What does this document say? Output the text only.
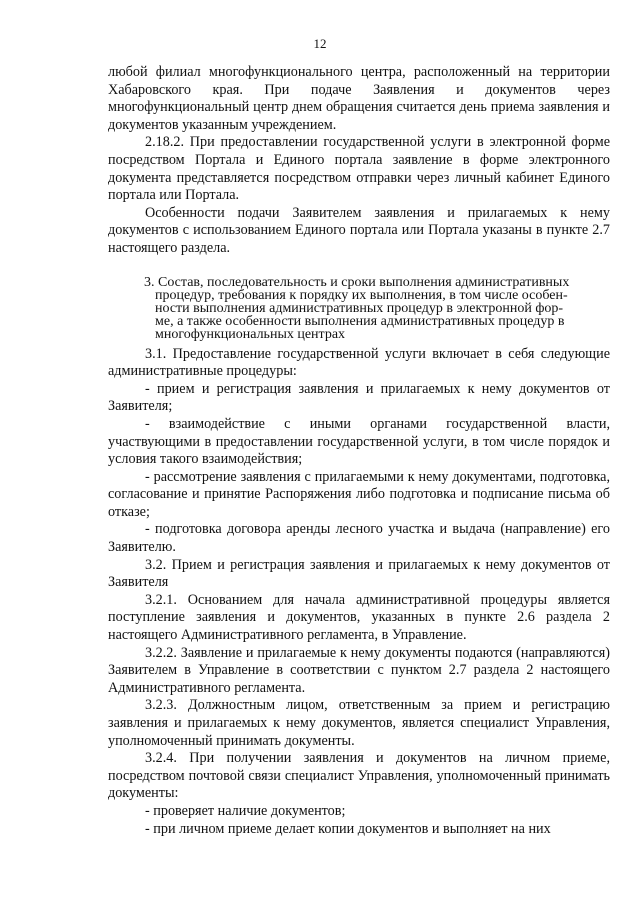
12

любой филиал многофункционального центра, расположенный на территории Хабаровского края. При подаче Заявления и документов через многофункциональный центр днем обращения считается день приема заявления и документов указанным учреждением.

2.18.2. При предоставлении государственной услуги в электронной форме посредством Портала и Единого портала заявление в форме электронного документа представляется посредством отправки через личный кабинет Единого портала или Портала.

Особенности подачи Заявителем заявления и прилагаемых к нему документов с использованием Единого портала или Портала указаны в пункте 2.7 настоящего раздела.

3. Состав, последовательность и сроки выполнения административных
процедур, требования к порядку их выполнения, в том числе особен-
ности выполнения административных процедур в электронной фор-
ме, а также особенности выполнения административных процедур в
многофункциональных центрах

3.1. Предоставление государственной услуги включает в себя следующие административные процедуры:

- прием и регистрация заявления и прилагаемых к нему документов от Заявителя;

- взаимодействие с иными органами государственной власти, участвующими в предоставлении государственной услуги, в том числе порядок и условия такого взаимодействия;

- рассмотрение заявления с прилагаемыми к нему документами, подготовка, согласование и принятие Распоряжения либо подготовка и подписание письма об отказе;

- подготовка договора аренды лесного участка и выдача (направление) его Заявителю.

3.2. Прием и регистрация заявления и прилагаемых к нему документов от Заявителя

3.2.1. Основанием для начала административной процедуры является поступление заявления и документов, указанных в пункте 2.6 раздела 2 настоящего Административного регламента, в Управление.

3.2.2. Заявление и прилагаемые к нему документы подаются (направляются) Заявителем в Управление в соответствии с пунктом 2.7 раздела 2 настоящего Административного регламента.

3.2.3. Должностным лицом, ответственным за прием и регистрацию заявления и прилагаемых к нему документов, является специалист Управления, уполномоченный принимать документы.

3.2.4. При получении заявления и документов на личном приеме, посредством почтовой связи специалист Управления, уполномоченный принимать документы:

- проверяет наличие документов;

- при личном приеме делает копии документов и выполняет на них
